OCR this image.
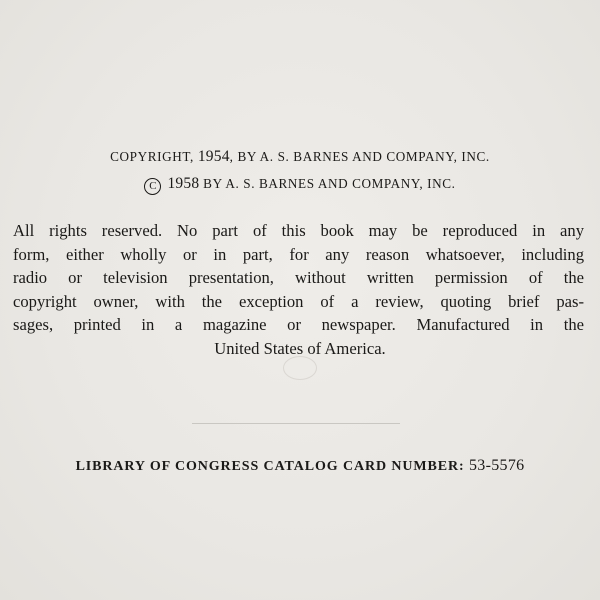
COPYRIGHT, 1954, BY A. S. BARNES AND COMPANY, INC.
C 1958 BY A. S. BARNES AND COMPANY, INC.
All rights reserved. No part of this book may be reproduced in any
form, either wholly or in part, for any reason whatsoever, including
radio or television presentation, without written permission of the
copyright owner, with the exception of a review, quoting brief pas-
sages, printed in a magazine or newspaper. Manufactured in the
United States of America.
LIBRARY OF CONGRESS CATALOG CARD NUMBER: 53-5576
